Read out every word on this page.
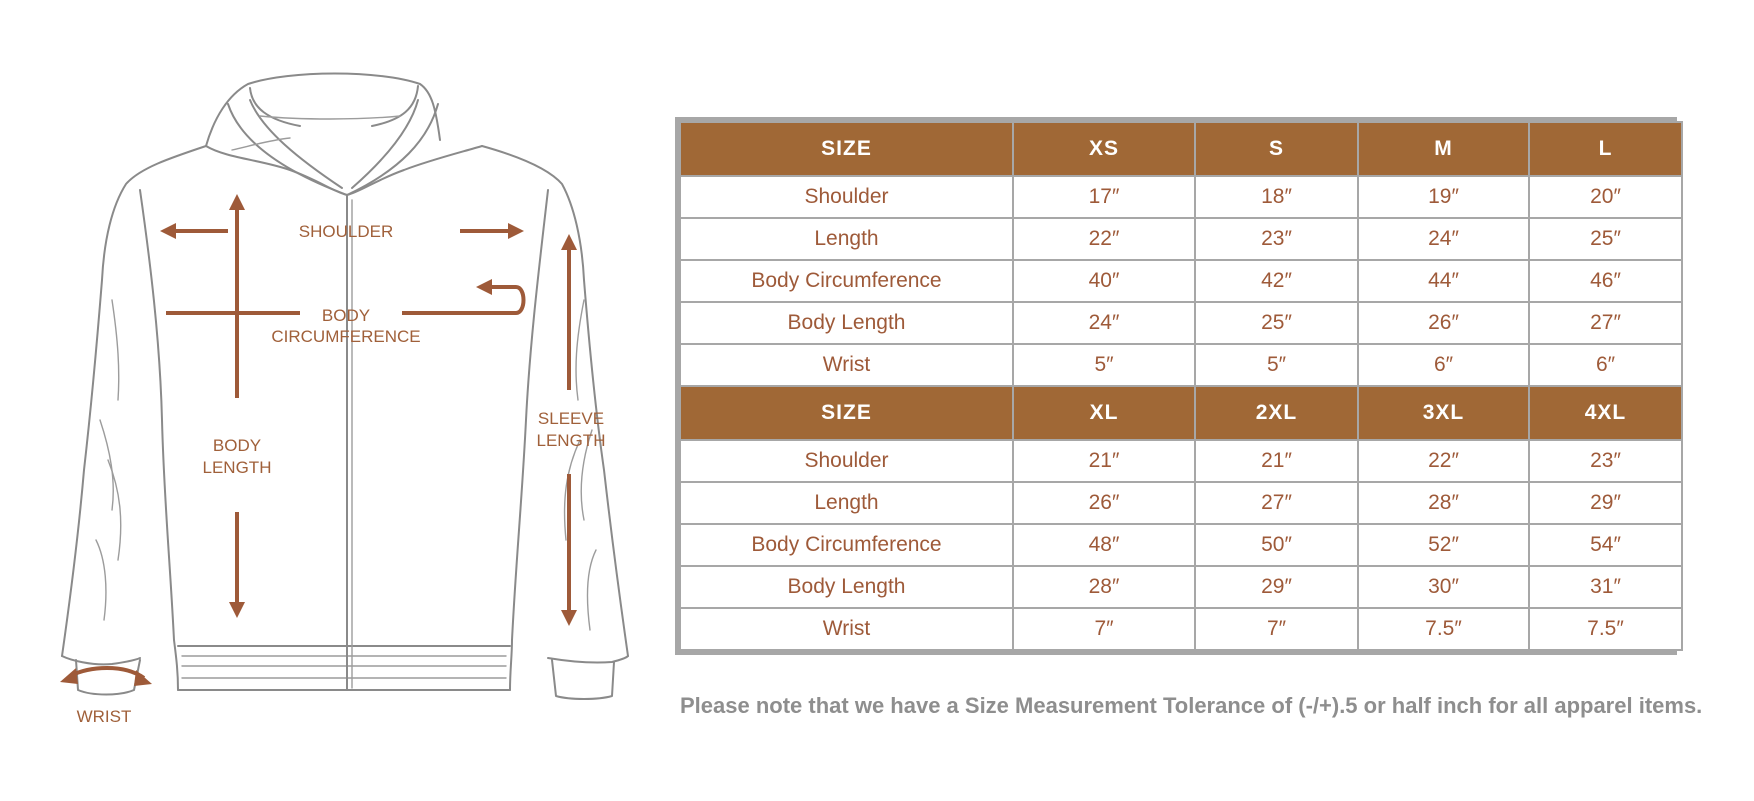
SHOULDER
BODY
CIRCUMFERENCE
BODY
LENGTH
SLEEVE
LENGTH
WRIST
SIZE	XS	S	M	L
Shoulder	17″	18″	19″	20″
Length	22″	23″	24″	25″
Body Circumference	40″	42″	44″	46″
Body Length	24″	25″	26″	27″
Wrist	5″	5″	6″	6″
SIZE	XL	2XL	3XL	4XL
Shoulder	21″	21″	22″	23″
Length	26″	27″	28″	29″
Body Circumference	48″	50″	52″	54″
Body Length	28″	29″	30″	31″
Wrist	7″	7″	7.5″	7.5″
Please note that we have a Size Measurement Tolerance of (-/+).5 or half inch for all apparel items.
